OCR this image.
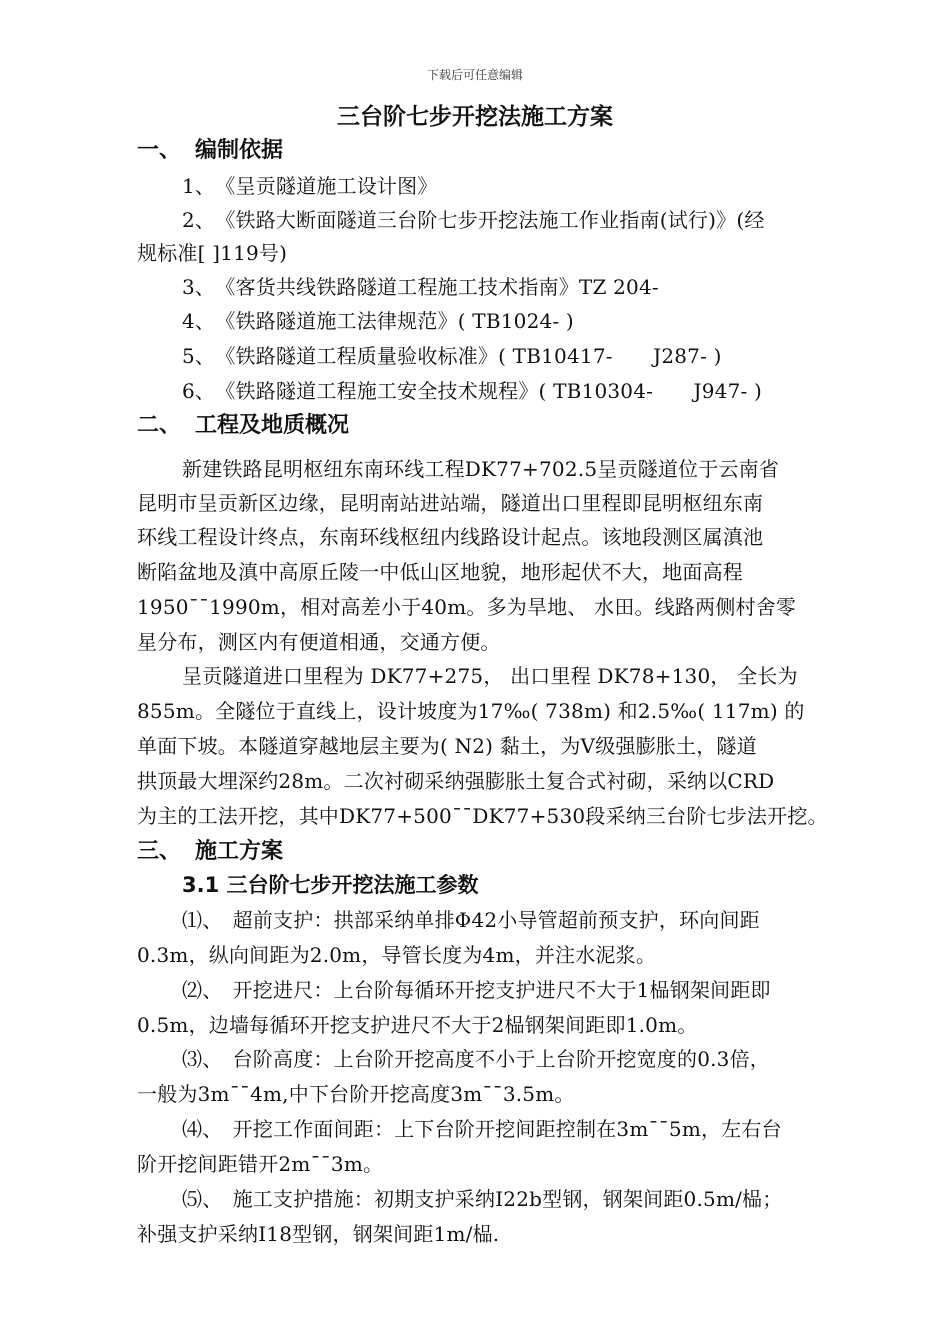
下载后可任意编辑
三台阶七步开挖法施工方案
一、 编制依据
1、　《呈贡隧道施工设计图》
2、　《铁路大断面隧道三台阶七步开挖法施工作业指南(试行)》(经
规标准[ ]119号)
3、　《客货共线铁路隧道工程施工技术指南》TZ 204-
4、　《铁路隧道施工法律规范》( TB1024- )
5、　《铁路隧道工程质量验收标准》( TB10417-　　J287- )
6、　《铁路隧道工程施工安全技术规程》( TB10304-　　J947- )
二、 工程及地质概况
新建铁路昆明枢纽东南环线工程DK77+702.5呈贡隧道位于云南省
昆明市呈贡新区边缘，昆明南站进站端，隧道出口里程即昆明枢纽东南
环线工程设计终点，东南环线枢纽内线路设计起点。该地段测区属滇池
断陷盆地及滇中高原丘陵一中低山区地貌，地形起伏不大，地面高程
1950¯¯1990m，相对高差小于40m。多为旱地、 水田。线路两侧村舍零
星分布，测区内有便道相通，交通方便。
呈贡隧道进口里程为 DK77+275， 出口里程 DK78+130， 全长为
855m。全隧位于直线上，设计坡度为17‰( 738m) 和2.5‰( 117m) 的
单面下坡。本隧道穿越地层主要为( N2) 黏土，为Ⅴ级强膨胀土，隧道
拱顶最大埋深约28m。二次衬砌采纳强膨胀土复合式衬砌，采纳以CRD
为主的工法开挖，其中DK77+500¯¯DK77+530段采纳三台阶七步法开挖。
三、 施工方案
3.1 三台阶七步开挖法施工参数
⑴、　超前支护：拱部采纳单排Φ42小导管超前预支护，环向间距
0.3m，纵向间距为2.0m，导管长度为4m，并注水泥浆。
⑵、　开挖进尺：上台阶每循环开挖支护进尺不大于1榀钢架间距即
0.5m，边墙每循环开挖支护进尺不大于2榀钢架间距即1.0m。
⑶、　台阶高度：上台阶开挖高度不小于上台阶开挖宽度的0.3倍，
一般为3m¯¯4m,中下台阶开挖高度3m¯¯3.5m。
⑷、　开挖工作面间距：上下台阶开挖间距控制在3m¯¯5m，左右台
阶开挖间距错开2m¯¯3m。
⑸、　施工支护措施：初期支护采纳Ⅰ22b型钢，钢架间距0.5m/榀；
补强支护采纳I18型钢，钢架间距1m/榀.
